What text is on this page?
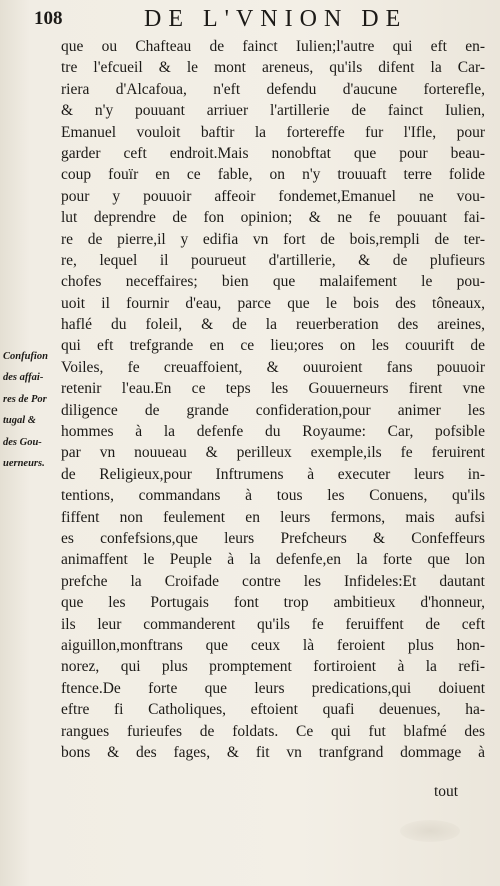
108	DE L'VNION DE
Confufion
des affai-
res de Por
tugal &
des Gou-
uerneurs.
que ou Chafteau de fainct Iulien;l'autre qui eft en-
tre l'efcueil & le mont areneus, qu'ils difent la Car-
riera d'Alcafoua, n'eft defendu d'aucune forterefle,
& n'y pouuant arriuer l'artillerie de fainct Iulien,
Emanuel vouloit baftir la fortereffe fur l'Ifle, pour
garder ceft endroit.Mais nonobftat que pour beau-
coup fouïr en ce fable, on n'y trouuaft terre folide
pour y pouuoir affeoir fondemet,Emanuel ne vou-
lut deprendre de fon opinion; & ne fe pouuant fai-
re de pierre,il y edifia vn fort de bois,rempli de ter-
re, lequel il pourueut d'artillerie, & de plufieurs
chofes neceffaires; bien que malaifement le pou-
uoit il fournir d'eau, parce que le bois des tôneaux,
haflé du foleil, & de la reuerberation des areines,
qui eft trefgrande en ce lieu;ores on les couurift de
Voiles, fe creuaffoient, & ouuroient fans pouuoir
retenir l'eau.En ce teps les Gouuerneurs firent vne
diligence de grande confideration,pour animer les
hommes à la defenfe du Royaume: Car, pofsible
par vn nouueau & perilleux exemple,ils fe feruirent
de Religieux,pour Inftrumens à executer leurs in-
tentions, commandans à tous les Conuens, qu'ils
fiffent non feulement en leurs fermons, mais aufsi
es confefsions,que leurs Prefcheurs & Confeffeurs
animaffent le Peuple à la defenfe,en la forte que lon
prefche la Croifade contre les Infideles:Et dautant
que les Portugais font trop ambitieux d'honneur,
ils leur commanderent qu'ils fe feruiffent de ceft
aiguillon,monftrans que ceux là feroient plus hon-
norez, qui plus promptement fortiroient à la refi-
ftence.De forte que leurs predications,qui doiuent
eftre fi Catholiques, eftoient quafi deuenues, ha-
rangues furieufes de foldats. Ce qui fut blafmé des
bons & des fages, & fit vn tranfgrand dommage à
tout
